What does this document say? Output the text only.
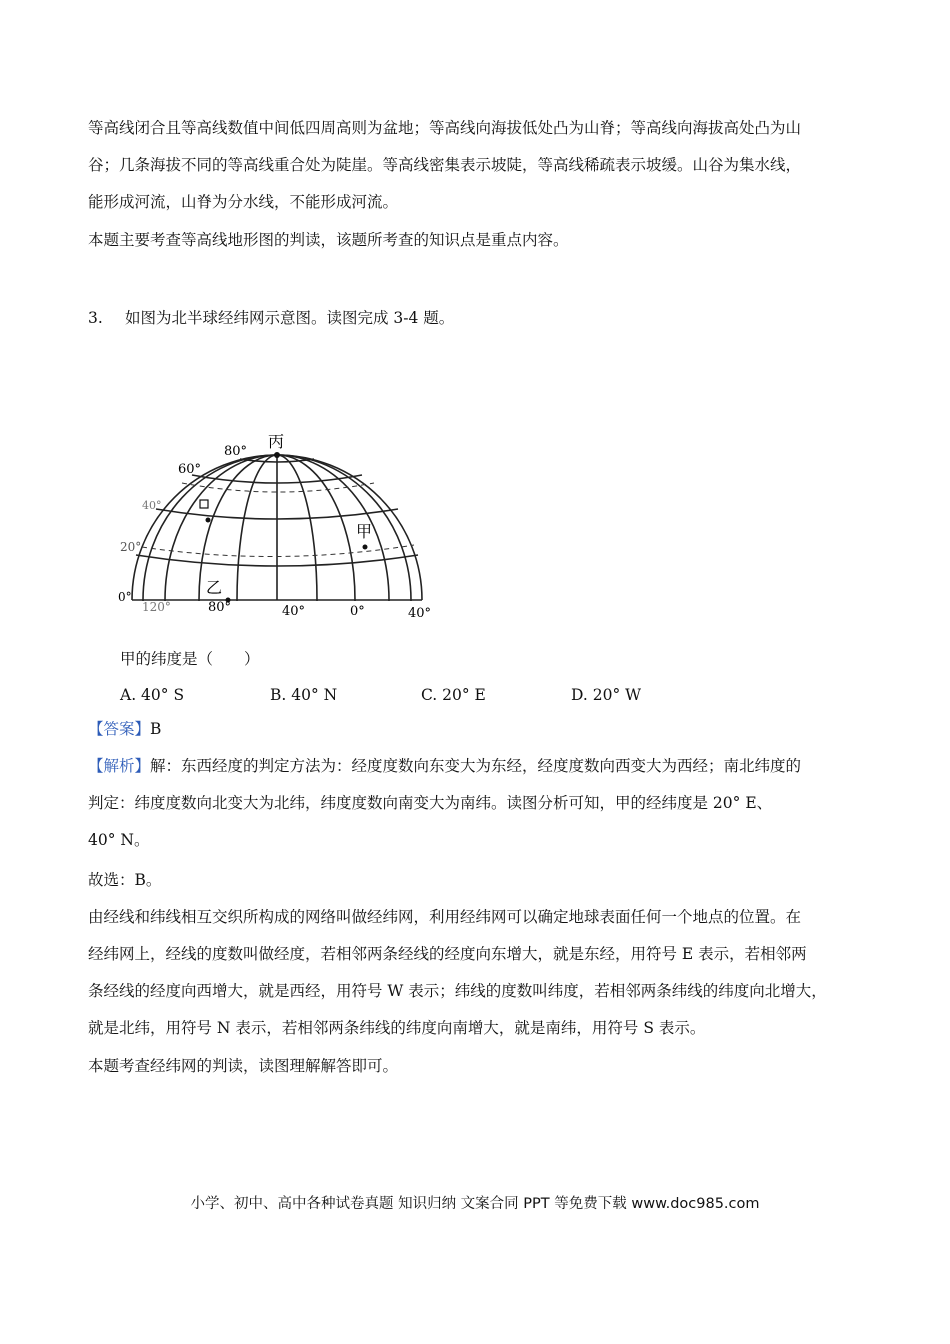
等高线闭合且等高线数值中间低四周高则为盆地；等高线向海拔低处凸为山脊；等高线向海拔高处凸为山
谷；几条海拔不同的等高线重合处为陡崖。等高线密集表示坡陡，等高线稀疏表示坡缓。山谷为集水线，
能形成河流，山脊为分水线，不能形成河流。
本题主要考查等高线地形图的判读，该题所考查的知识点是重点内容。
3. 如图为北半球经纬网示意图。读图完成 3-4 题。
丙
甲
乙
80°
60°
40°
20°
0°
120°	80°	40°	0°	40°
甲的纬度是（　　）
A. 40° S	B. 40° N	C. 20° E	D. 20° W
【答案】B
【解析】解：东西经度的判定方法为：经度度数向东变大为东经，经度度数向西变大为西经；南北纬度的
判定：纬度度数向北变大为北纬，纬度度数向南变大为南纬。读图分析可知，甲的经纬度是 20° E、
40° N。
故选：B。
由经线和纬线相互交织所构成的网络叫做经纬网，利用经纬网可以确定地球表面任何一个地点的位置。在
经纬网上，经线的度数叫做经度，若相邻两条经线的经度向东增大，就是东经，用符号 E 表示，若相邻两
条经线的经度向西增大，就是西经，用符号 W 表示；纬线的度数叫纬度，若相邻两条纬线的纬度向北增大，
就是北纬，用符号 N 表示，若相邻两条纬线的纬度向南增大，就是南纬，用符号 S 表示。
本题考查经纬网的判读，读图理解解答即可。
小学、初中、高中各种试卷真题 知识归纳 文案合同 PPT 等免费下载 www.doc985.com
